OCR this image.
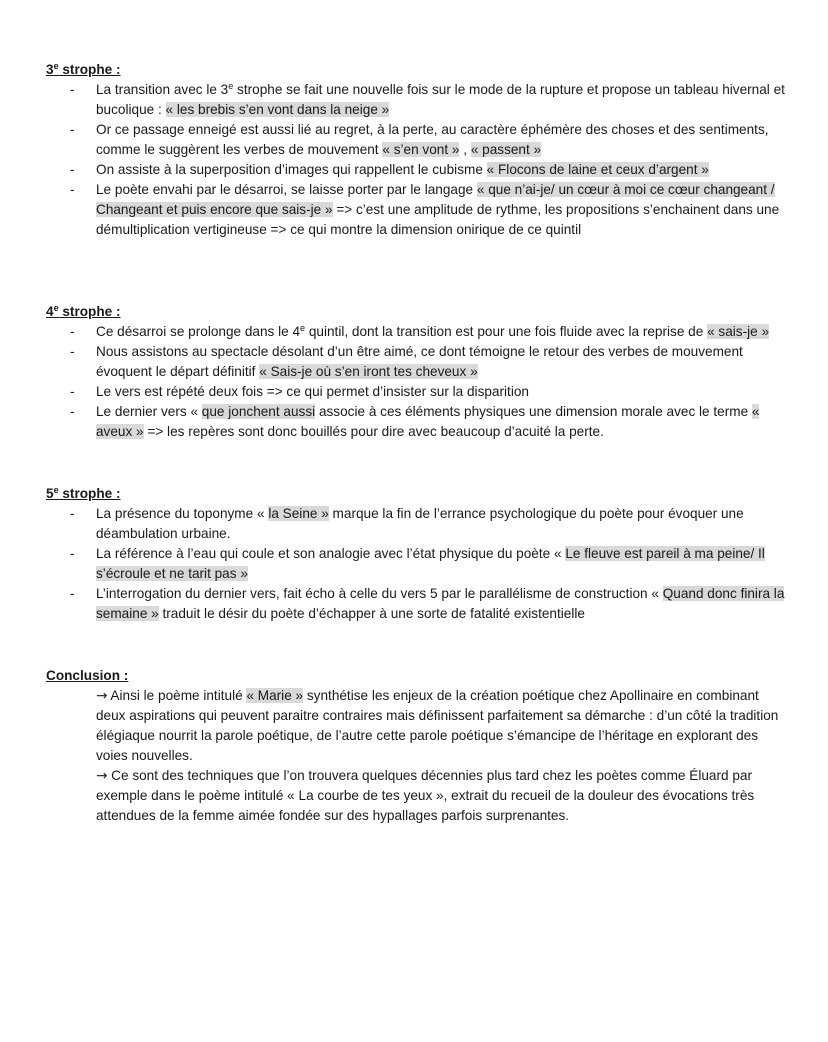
3e strophe :
- La transition avec le 3e strophe se fait une nouvelle fois sur le mode de la rupture et propose un tableau hivernal et bucolique : « les brebis s’en vont dans la neige »
- Or ce passage enneigé est aussi lié au regret, à la perte, au caractère éphémère des choses et des sentiments, comme le suggèrent les verbes de mouvement « s’en vont » , « passent »
- On assiste à la superposition d’images qui rappellent le cubisme « Flocons de laine et ceux d’argent »
- Le poète envahi par le désarroi, se laisse porter par le langage « que n’ai-je/ un cœur à moi ce cœur changeant / Changeant et puis encore que sais-je » => c’est une amplitude de rythme, les propositions s’enchainent dans une démultiplication vertigineuse => ce qui montre la dimension onirique de ce quintil
4e strophe :
- Ce désarroi se prolonge dans le 4e quintil, dont la transition est pour une fois fluide avec la reprise de « sais-je »
- Nous assistons au spectacle désolant d’un être aimé, ce dont témoigne le retour des verbes de mouvement évoquent le départ définitif « Sais-je où s’en iront tes cheveux »
- Le vers est répété deux fois => ce qui permet d’insister sur la disparition
- Le dernier vers « que jonchent aussi associe à ces éléments physiques une dimension morale avec le terme « aveux » => les repères sont donc bouillés pour dire avec beaucoup d’acuité la perte.
5e strophe :
- La présence du toponyme « la Seine » marque la fin de l’errance psychologique du poète pour évoquer une déambulation urbaine.
- La référence à l’eau qui coule et son analogie avec l’état physique du poète « Le fleuve est pareil à ma peine/ Il s’écroule et ne tarit pas »
- L’interrogation du dernier vers, fait écho à celle du vers 5 par le parallélisme de construction « Quand donc finira la semaine » traduit le désir du poète d’échapper à une sorte de fatalité existentielle
Conclusion :

→ Ainsi le poème intitulé « Marie » synthétise les enjeux de la création poétique chez Apollinaire en combinant deux aspirations qui peuvent paraitre contraires mais définissent parfaitement sa démarche : d’un côté la tradition élégiaque nourrit la parole poétique, de l’autre cette parole poétique s’émancipe de l’héritage en explorant des voies nouvelles.

→ Ce sont des techniques que l’on trouvera quelques décennies plus tard chez les poètes comme Éluard par exemple dans le poème intitulé « La courbe de tes yeux », extrait du recueil de la douleur des évocations très attendues de la femme aimée fondée sur des hypallages parfois surprenantes.
